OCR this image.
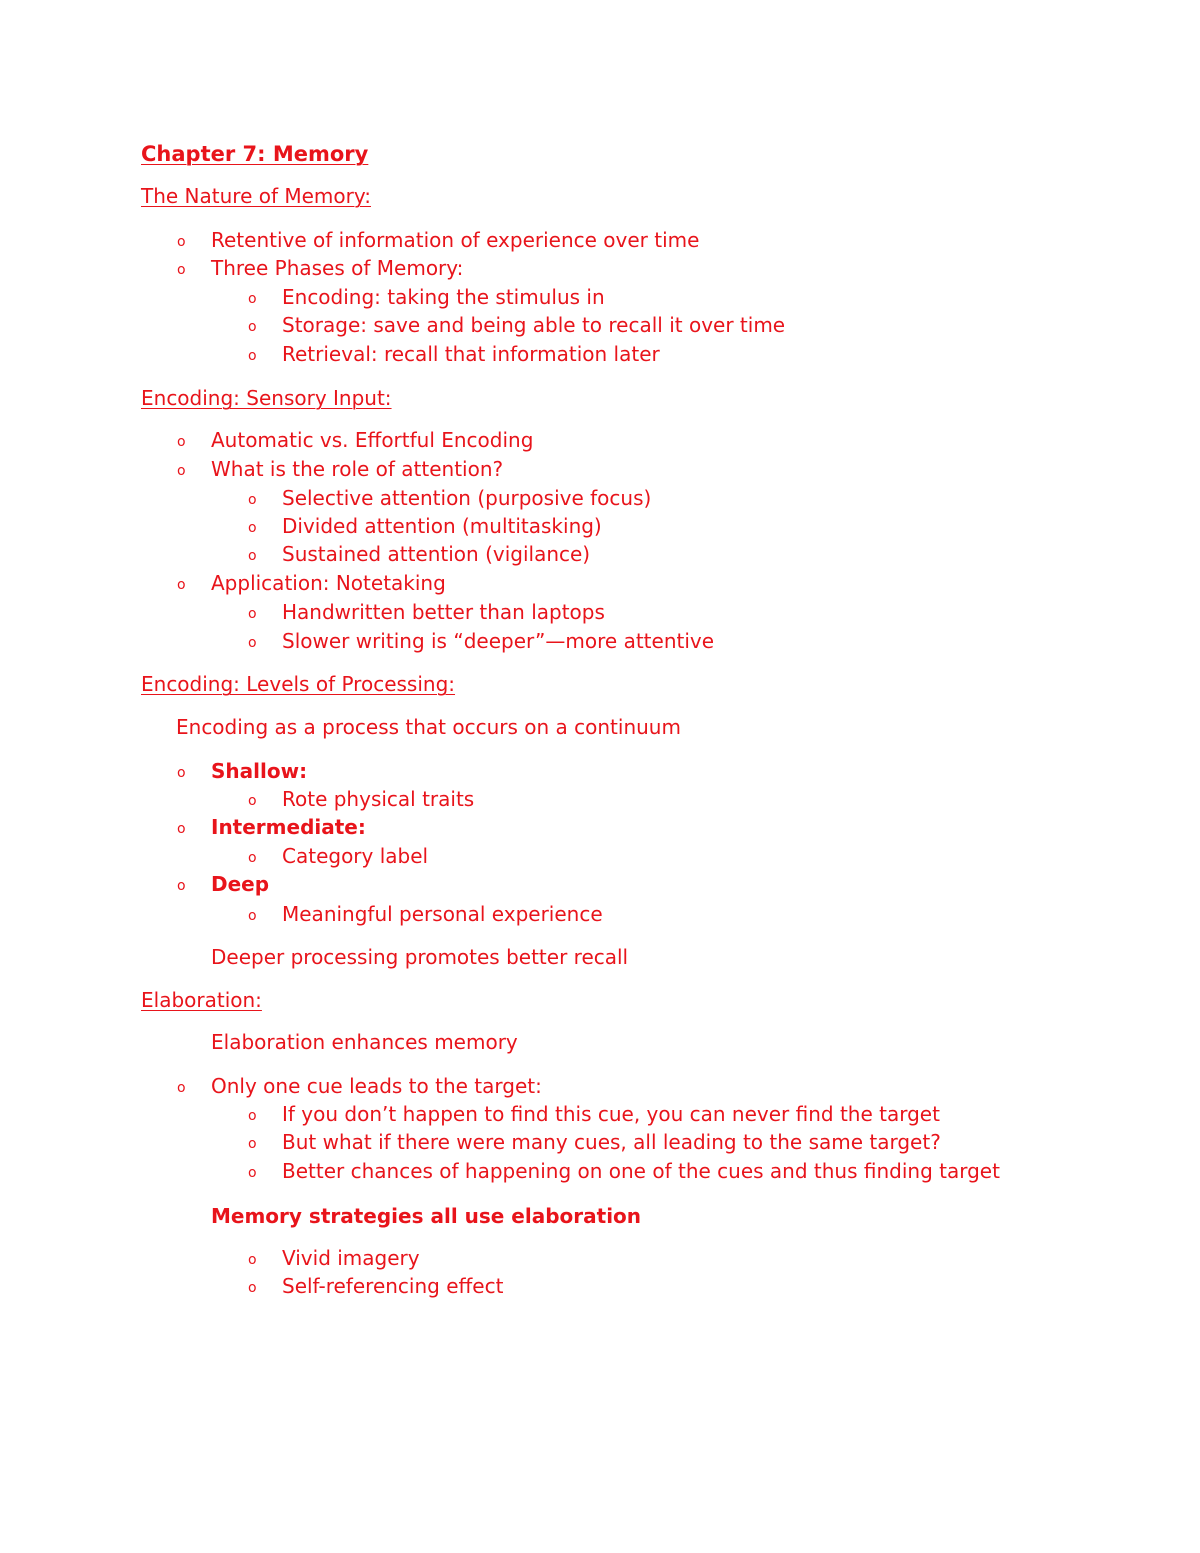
Chapter 7: Memory
The Nature of Memory:
o Retentive of information of experience over time
o Three Phases of Memory:
o Encoding: taking the stimulus in
o Storage: save and being able to recall it over time
o Retrieval: recall that information later
Encoding: Sensory Input:
o Automatic vs. Effortful Encoding
o What is the role of attention?
o Selective attention (purposive focus)
o Divided attention (multitasking)
o Sustained attention (vigilance)
o Application: Notetaking
o Handwritten better than laptops
o Slower writing is “deeper”—more attentive
Encoding: Levels of Processing:
Encoding as a process that occurs on a continuum
o Shallow:
o Rote physical traits
o Intermediate:
o Category label
o Deep
o Meaningful personal experience
Deeper processing promotes better recall
Elaboration:
Elaboration enhances memory
o Only one cue leads to the target:
o If you don’t happen to find this cue, you can never find the target
o But what if there were many cues, all leading to the same target?
o Better chances of happening on one of the cues and thus finding target
Memory strategies all use elaboration
o Vivid imagery
o Self-referencing effect
